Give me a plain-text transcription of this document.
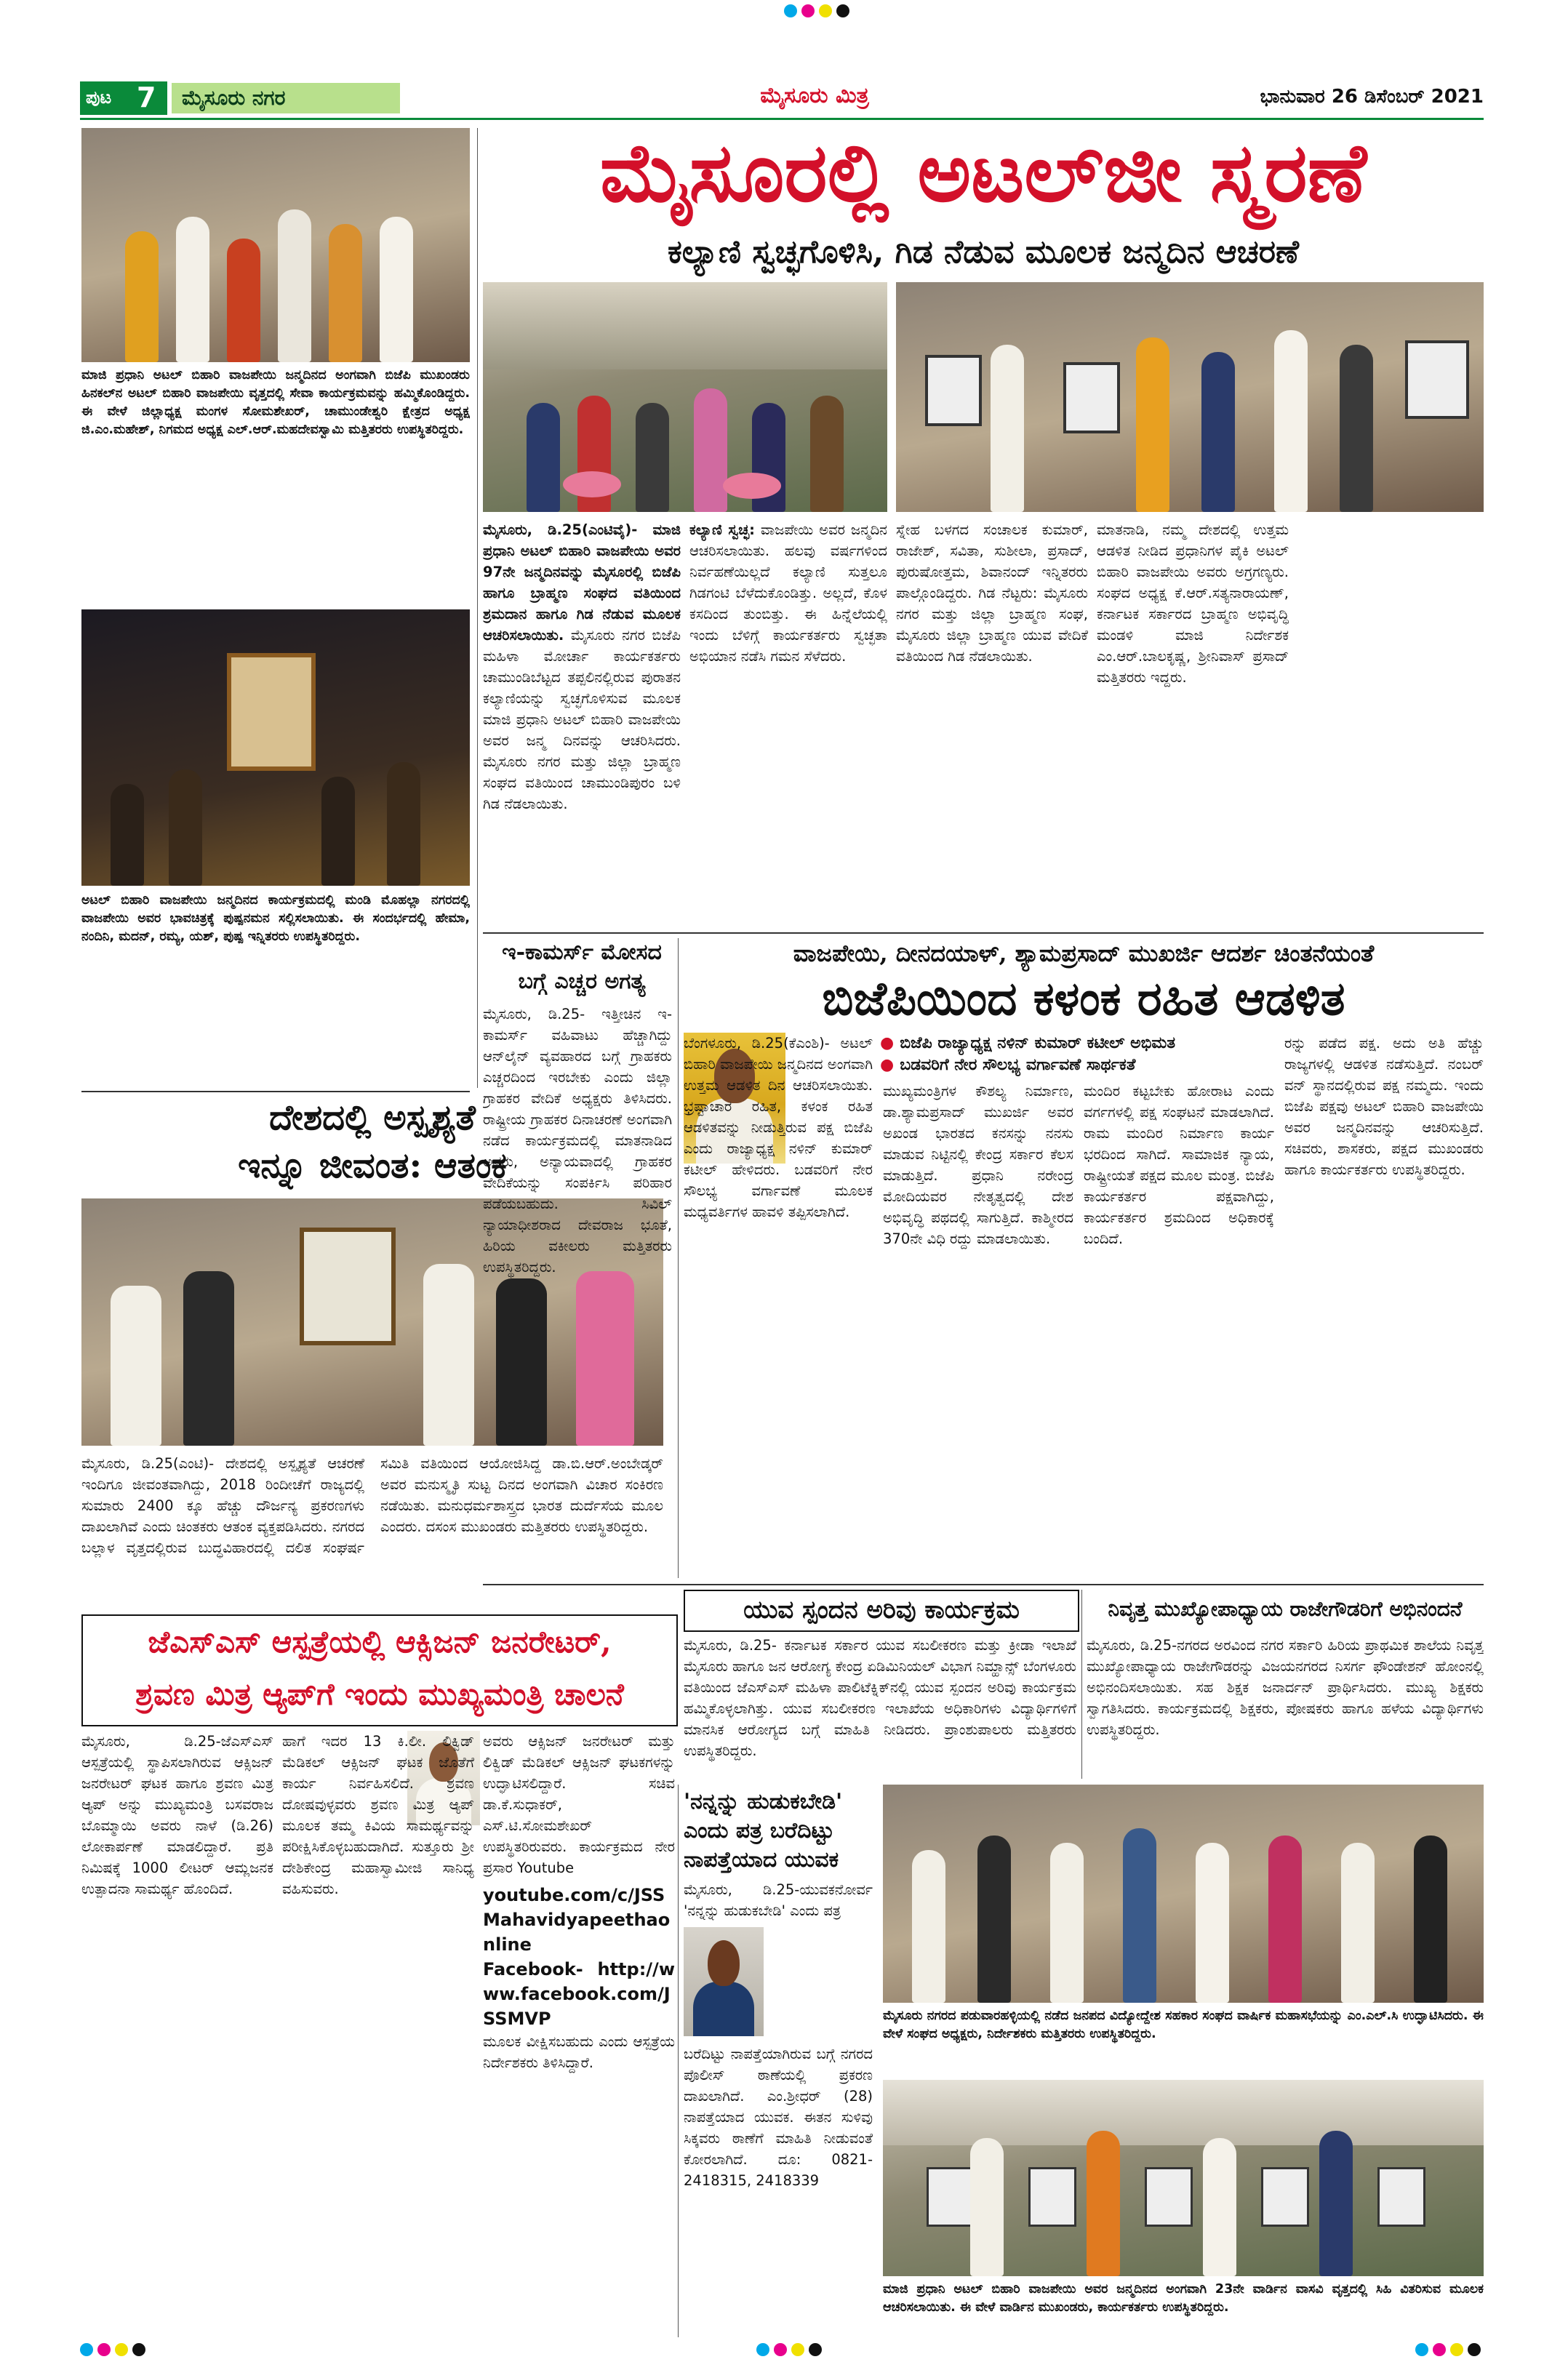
ಪುಟ 7	ಮೈಸೂರು ನಗರ	ಮೈಸೂರು ಮಿತ್ರ	ಭಾನುವಾರ 26 ಡಿಸೆಂಬರ್ 2021
ಮಾಜಿ ಪ್ರಧಾನಿ ಅಟಲ್ ಬಿಹಾರಿ ವಾಜಪೇಯಿ ಜನ್ಮದಿನದ ಅಂಗವಾಗಿ ಬಿಜೆಪಿ ಮುಖಂಡರು ಹಿನಕಲ್‌ನ ಅಟಲ್ ಬಿಹಾರಿ ವಾಜಪೇಯಿ ವೃತ್ತದಲ್ಲಿ ಸೇವಾ ಕಾರ್ಯಕ್ರಮವನ್ನು ಹಮ್ಮಿಕೊಂಡಿದ್ದರು. ಈ ವೇಳೆ ಜಿಲ್ಲಾಧ್ಯಕ್ಷ ಮಂಗಳ ಸೋಮಶೇಖರ್, ಚಾಮುಂಡೇಶ್ವರಿ ಕ್ಷೇತ್ರದ ಅಧ್ಯಕ್ಷ ಜಿ.ಎಂ.ಮಹೇಶ್, ನಿಗಮದ ಅಧ್ಯಕ್ಷ ಎಲ್.ಆರ್.ಮಹದೇವಸ್ವಾಮಿ ಮತ್ತಿತರರು ಉಪಸ್ಥಿತರಿದ್ದರು.
ಅಟಲ್ ಬಿಹಾರಿ ವಾಜಪೇಯಿ ಜನ್ಮದಿನದ ಕಾರ್ಯಕ್ರಮದಲ್ಲಿ ಮಂಡಿ ಮೊಹಲ್ಲಾ ನಗರದಲ್ಲಿ ವಾಜಪೇಯಿ ಅವರ ಭಾವಚಿತ್ರಕ್ಕೆ ಪುಷ್ಪನಮನ ಸಲ್ಲಿಸಲಾಯಿತು. ಈ ಸಂದರ್ಭದಲ್ಲಿ ಹೇಮಾ, ನಂದಿನಿ, ಮದನ್, ರಮ್ಯ, ಯಶ್, ಪುಷ್ಪ ಇನ್ನಿತರರು ಉಪಸ್ಥಿತರಿದ್ದರು.
ದೇಶದಲ್ಲಿ ಅಸ್ಪೃಶ್ಯತೆ
ಇನ್ನೂ ಜೀವಂತ: ಆತಂಕ
ಮೈಸೂರು, ಡಿ.25(ಎಂಟಿ)- ದೇಶದಲ್ಲಿ ಅಸ್ಪೃಶ್ಯತೆ ಆಚರಣೆ ಇಂದಿಗೂ ಜೀವಂತವಾಗಿದ್ದು, 2018 ರಿಂದೀಚೆಗೆ ರಾಜ್ಯದಲ್ಲಿ ಸುಮಾರು 2400 ಕ್ಕೂ ಹೆಚ್ಚು ದೌರ್ಜನ್ಯ ಪ್ರಕರಣಗಳು ದಾಖಲಾಗಿವೆ ಎಂದು ಚಿಂತಕರು ಆತಂಕ ವ್ಯಕ್ತಪಡಿಸಿದರು. ನಗರದ ಬಲ್ಲಾಳ ವೃತ್ತದಲ್ಲಿರುವ ಬುದ್ಧವಿಹಾರದಲ್ಲಿ ದಲಿತ ಸಂಘರ್ಷ ಸಮಿತಿ ವತಿಯಿಂದ ಆಯೋಜಿಸಿದ್ದ ಡಾ.ಬಿ.ಆರ್.ಅಂಬೇಡ್ಕರ್ ಅವರ ಮನುಸ್ಮೃತಿ ಸುಟ್ಟ ದಿನದ ಅಂಗವಾಗಿ ವಿಚಾರ ಸಂಕಿರಣ ನಡೆಯಿತು. ಮನುಧರ್ಮಶಾಸ್ತ್ರದ ಭಾರತ ದುರ್ದೆಸೆಯ ಮೂಲ ಎಂದರು. ದಸಂಸ ಮುಖಂಡರು ಮತ್ತಿತರರು ಉಪಸ್ಥಿತರಿದ್ದರು.
ಮೈಸೂರಲ್ಲಿ ಅಟಲ್‌ಜೀ ಸ್ಮರಣೆ
ಕಲ್ಯಾಣಿ ಸ್ವಚ್ಛಗೊಳಿಸಿ, ಗಿಡ ನೆಡುವ ಮೂಲಕ ಜನ್ಮದಿನ ಆಚರಣೆ
ಮೈಸೂರು, ಡಿ.25(ಎಂಟಿವೈ)- ಮಾಜಿ ಪ್ರಧಾನಿ ಅಟಲ್ ಬಿಹಾರಿ ವಾಜಪೇಯಿ ಅವರ 97ನೇ ಜನ್ಮದಿನವನ್ನು ಮೈಸೂರಲ್ಲಿ ಬಿಜೆಪಿ ಹಾಗೂ ಬ್ರಾಹ್ಮಣ ಸಂಘದ ವತಿಯಿಂದ ಶ್ರಮದಾನ ಹಾಗೂ ಗಿಡ ನೆಡುವ ಮೂಲಕ ಆಚರಿಸಲಾಯಿತು. ಮೈಸೂರು ನಗರ ಬಿಜೆಪಿ ಮಹಿಳಾ ಮೋರ್ಚಾ ಕಾರ್ಯಕರ್ತರು ಚಾಮುಂಡಿಬೆಟ್ಟದ ತಪ್ಪಲಿನಲ್ಲಿರುವ ಪುರಾತನ ಕಲ್ಯಾಣಿಯನ್ನು ಸ್ವಚ್ಛಗೊಳಿಸುವ ಮೂಲಕ ಮಾಜಿ ಪ್ರಧಾನಿ ಅಟಲ್ ಬಿಹಾರಿ ವಾಜಪೇಯಿ ಅವರ ಜನ್ಮ ದಿನವನ್ನು ಆಚರಿಸಿದರು. ಮೈಸೂರು ನಗರ ಮತ್ತು ಜಿಲ್ಲಾ ಬ್ರಾಹ್ಮಣ ಸಂಘದ ವತಿಯಿಂದ ಚಾಮುಂಡಿಪುರಂ ಬಳಿ ಗಿಡ ನೆಡಲಾಯಿತು.
ಕಲ್ಯಾಣಿ ಸ್ವಚ್ಛ: ವಾಜಪೇಯಿ ಅವರ ಜನ್ಮದಿನ ಆಚರಿಸಲಾಯಿತು. ಹಲವು ವರ್ಷಗಳಿಂದ ನಿರ್ವಹಣೆಯಿಲ್ಲದೆ ಕಲ್ಯಾಣಿ ಸುತ್ತಲೂ ಗಿಡಗಂಟಿ ಬೆಳೆದುಕೊಂಡಿತ್ತು. ಅಲ್ಲದೆ, ಕೊಳ ಕಸದಿಂದ ತುಂಬಿತ್ತು. ಈ ಹಿನ್ನೆಲೆಯಲ್ಲಿ ಇಂದು ಬೆಳಿಗ್ಗೆ ಕಾರ್ಯಕರ್ತರು ಸ್ವಚ್ಛತಾ ಅಭಿಯಾನ ನಡೆಸಿ ಗಮನ ಸೆಳೆದರು.
ಸ್ನೇಹ ಬಳಗದ ಸಂಚಾಲಕ ಕುಮಾರ್, ರಾಜೇಶ್, ಸವಿತಾ, ಸುಶೀಲಾ, ಪ್ರಸಾದ್, ಪುರುಷೋತ್ತಮ, ಶಿವಾನಂದ್ ಇನ್ನಿತರರು ಪಾಲ್ಗೊಂಡಿದ್ದರು. ಗಿಡ ನೆಟ್ಟರು: ಮೈಸೂರು ನಗರ ಮತ್ತು ಜಿಲ್ಲಾ ಬ್ರಾಹ್ಮಣ ಸಂಘ, ಮೈಸೂರು ಜಿಲ್ಲಾ ಬ್ರಾಹ್ಮಣ ಯುವ ವೇದಿಕೆ ವತಿಯಿಂದ ಗಿಡ ನೆಡಲಾಯಿತು.
ಮಾತನಾಡಿ, ನಮ್ಮ ದೇಶದಲ್ಲಿ ಉತ್ತಮ ಆಡಳಿತ ನೀಡಿದ ಪ್ರಧಾನಿಗಳ ಪೈಕಿ ಅಟಲ್ ಬಿಹಾರಿ ವಾಜಪೇಯಿ ಅವರು ಅಗ್ರಗಣ್ಯರು. ಸಂಘದ ಅಧ್ಯಕ್ಷ ಕೆ.ಆರ್.ಸತ್ಯನಾರಾಯಣ್, ಕರ್ನಾಟಕ ಸರ್ಕಾರದ ಬ್ರಾಹ್ಮಣ ಅಭಿವೃದ್ಧಿ ಮಂಡಳಿ ಮಾಜಿ ನಿರ್ದೇಶಕ ಎಂ.ಆರ್.ಬಾಲಕೃಷ್ಣ, ಶ್ರೀನಿವಾಸ್ ಪ್ರಸಾದ್ ಮತ್ತಿತರರು ಇದ್ದರು.
ಇ-ಕಾಮರ್ಸ್ ಮೋಸದ
ಬಗ್ಗೆ ಎಚ್ಚರ ಅಗತ್ಯ
ವಾಜಪೇಯಿ, ದೀನದಯಾಳ್, ಶ್ಯಾಮಪ್ರಸಾದ್ ಮುಖರ್ಜಿ ಆದರ್ಶ ಚಿಂತನೆಯಂತೆ
ಬಿಜೆಪಿಯಿಂದ ಕಳಂಕ ರಹಿತ ಆಡಳಿತ
● ಬಿಜೆಪಿ ರಾಜ್ಯಾಧ್ಯಕ್ಷ ನಳಿನ್ ಕುಮಾರ್ ಕಟೀಲ್ ಅಭಿಮತ
● ಬಡವರಿಗೆ ನೇರ ಸೌಲಭ್ಯ ವರ್ಗಾವಣೆ ಸಾರ್ಥಕತೆ
ಮೈಸೂರು, ಡಿ.25- ಇತ್ತೀಚಿನ ಇ-ಕಾಮರ್ಸ್ ವಹಿವಾಟು ಹೆಚ್ಚಾಗಿದ್ದು ಆನ್‌ಲೈನ್ ವ್ಯವಹಾರದ ಬಗ್ಗೆ ಗ್ರಾಹಕರು ಎಚ್ಚರದಿಂದ ಇರಬೇಕು ಎಂದು ಜಿಲ್ಲಾ ಗ್ರಾಹಕರ ವೇದಿಕೆ ಅಧ್ಯಕ್ಷರು ತಿಳಿಸಿದರು. ರಾಷ್ಟ್ರೀಯ ಗ್ರಾಹಕರ ದಿನಾಚರಣೆ ಅಂಗವಾಗಿ ನಡೆದ ಕಾರ್ಯಕ್ರಮದಲ್ಲಿ ಮಾತನಾಡಿದ ಅವರು, ಅನ್ಯಾಯವಾದಲ್ಲಿ ಗ್ರಾಹಕರ ವೇದಿಕೆಯನ್ನು ಸಂಪರ್ಕಿಸಿ ಪರಿಹಾರ ಪಡೆಯಬಹುದು. ಸಿವಿಲ್ ನ್ಯಾಯಾಧೀಶರಾದ ದೇವರಾಜ ಭೂತೆ, ಹಿರಿಯ ವಕೀಲರು ಮತ್ತಿತರರು ಉಪಸ್ಥಿತರಿದ್ದರು.
ಬೆಂಗಳೂರು, ಡಿ.25(ಕೆಎಂಶಿ)- ಅಟಲ್ ಬಿಹಾರಿ ವಾಜಪೇಯಿ ಜನ್ಮದಿನದ ಅಂಗವಾಗಿ ಉತ್ತಮ ಆಡಳಿತ ದಿನ ಆಚರಿಸಲಾಯಿತು. ಭ್ರಷ್ಟಾಚಾರ ರಹಿತ, ಕಳಂಕ ರಹಿತ ಆಡಳಿತವನ್ನು ನೀಡುತ್ತಿರುವ ಪಕ್ಷ ಬಿಜೆಪಿ ಎಂದು ರಾಜ್ಯಾಧ್ಯಕ್ಷ ನಳಿನ್ ಕುಮಾರ್ ಕಟೀಲ್ ಹೇಳಿದರು. ಬಡವರಿಗೆ ನೇರ ಸೌಲಭ್ಯ ವರ್ಗಾವಣೆ ಮೂಲಕ ಮಧ್ಯವರ್ತಿಗಳ ಹಾವಳಿ ತಪ್ಪಿಸಲಾಗಿದೆ.
ಮುಖ್ಯಮಂತ್ರಿಗಳ ಕೌಶಲ್ಯ ನಿರ್ಮಾಣ, ಡಾ.ಶ್ಯಾಮಪ್ರಸಾದ್ ಮುಖರ್ಜಿ ಅವರ ಅಖಂಡ ಭಾರತದ ಕನಸನ್ನು ನನಸು ಮಾಡುವ ನಿಟ್ಟಿನಲ್ಲಿ ಕೇಂದ್ರ ಸರ್ಕಾರ ಕೆಲಸ ಮಾಡುತ್ತಿದೆ. ಪ್ರಧಾನಿ ನರೇಂದ್ರ ಮೋದಿಯವರ ನೇತೃತ್ವದಲ್ಲಿ ದೇಶ ಅಭಿವೃದ್ಧಿ ಪಥದಲ್ಲಿ ಸಾಗುತ್ತಿದೆ. ಕಾಶ್ಮೀರದ 370ನೇ ವಿಧಿ ರದ್ದು ಮಾಡಲಾಯಿತು.
ಮಂದಿರ ಕಟ್ಟಬೇಕು ಹೋರಾಟ ಎಂದು ವರ್ಗಗಳಲ್ಲಿ ಪಕ್ಷ ಸಂಘಟನೆ ಮಾಡಲಾಗಿದೆ. ರಾಮ ಮಂದಿರ ನಿರ್ಮಾಣ ಕಾರ್ಯ ಭರದಿಂದ ಸಾಗಿದೆ. ಸಾಮಾಜಿಕ ನ್ಯಾಯ, ರಾಷ್ಟ್ರೀಯತೆ ಪಕ್ಷದ ಮೂಲ ಮಂತ್ರ. ಬಿಜೆಪಿ ಕಾರ್ಯಕರ್ತರ ಪಕ್ಷವಾಗಿದ್ದು, ಕಾರ್ಯಕರ್ತರ ಶ್ರಮದಿಂದ ಅಧಿಕಾರಕ್ಕೆ ಬಂದಿದೆ.
ರನ್ನು ಪಡೆದ ಪಕ್ಷ. ಅದು ಅತಿ ಹೆಚ್ಚು ರಾಜ್ಯಗಳಲ್ಲಿ ಆಡಳಿತ ನಡೆಸುತ್ತಿದೆ. ನಂಬರ್ ವನ್ ಸ್ಥಾನದಲ್ಲಿರುವ ಪಕ್ಷ ನಮ್ಮದು. ಇಂದು ಬಿಜೆಪಿ ಪಕ್ಷವು ಅಟಲ್ ಬಿಹಾರಿ ವಾಜಪೇಯಿ ಅವರ ಜನ್ಮದಿನವನ್ನು ಆಚರಿಸುತ್ತಿದೆ. ಸಚಿವರು, ಶಾಸಕರು, ಪಕ್ಷದ ಮುಖಂಡರು ಹಾಗೂ ಕಾರ್ಯಕರ್ತರು ಉಪಸ್ಥಿತರಿದ್ದರು.
ಯುವ ಸ್ಪಂದನ ಅರಿವು ಕಾರ್ಯಕ್ರಮ
ಮೈಸೂರು, ಡಿ.25- ಕರ್ನಾಟಕ ಸರ್ಕಾರ ಯುವ ಸಬಲೀಕರಣ ಮತ್ತು ಕ್ರೀಡಾ ಇಲಾಖೆ ಮೈಸೂರು ಹಾಗೂ ಜನ ಆರೋಗ್ಯ ಕೇಂದ್ರ ಏಡಿಮಿನಿಯಲ್ ವಿಭಾಗ ನಿಮ್ಹಾನ್ಸ್ ಬೆಂಗಳೂರು ವತಿಯಿಂದ ಜೆಎಸ್‌ಎಸ್ ಮಹಿಳಾ ಪಾಲಿಟೆಕ್ನಿಕ್‌ನಲ್ಲಿ ಯುವ ಸ್ಪಂದನ ಅರಿವು ಕಾರ್ಯಕ್ರಮ ಹಮ್ಮಿಕೊಳ್ಳಲಾಗಿತ್ತು. ಯುವ ಸಬಲೀಕರಣ ಇಲಾಖೆಯ ಅಧಿಕಾರಿಗಳು ವಿದ್ಯಾರ್ಥಿಗಳಿಗೆ ಮಾನಸಿಕ ಆರೋಗ್ಯದ ಬಗ್ಗೆ ಮಾಹಿತಿ ನೀಡಿದರು. ಪ್ರಾಂಶುಪಾಲರು ಮತ್ತಿತರರು ಉಪಸ್ಥಿತರಿದ್ದರು.
ನಿವೃತ್ತ ಮುಖ್ಯೋಪಾಧ್ಯಾಯ ರಾಜೇಗೌಡರಿಗೆ ಅಭಿನಂದನೆ
ಮೈಸೂರು, ಡಿ.25-ನಗರದ ಅರವಿಂದ ನಗರ ಸರ್ಕಾರಿ ಹಿರಿಯ ಪ್ರಾಥಮಿಕ ಶಾಲೆಯ ನಿವೃತ್ತ ಮುಖ್ಯೋಪಾಧ್ಯಾಯ ರಾಜೇಗೌಡರನ್ನು ವಿಜಯನಗರದ ನಿಸರ್ಗ ಫೌಂಡೇಶನ್ ಹೋಂನಲ್ಲಿ ಅಭಿನಂದಿಸಲಾಯಿತು. ಸಹ ಶಿಕ್ಷಕ ಜನಾರ್ದನ್ ಪ್ರಾರ್ಥಿಸಿದರು. ಮುಖ್ಯ ಶಿಕ್ಷಕರು ಸ್ವಾಗತಿಸಿದರು. ಕಾರ್ಯಕ್ರಮದಲ್ಲಿ ಶಿಕ್ಷಕರು, ಪೋಷಕರು ಹಾಗೂ ಹಳೆಯ ವಿದ್ಯಾರ್ಥಿಗಳು ಉಪಸ್ಥಿತರಿದ್ದರು.
ಜೆಎಸ್‌ಎಸ್ ಆಸ್ಪತ್ರೆಯಲ್ಲಿ ಆಕ್ಸಿಜನ್ ಜನರೇಟರ್,
ಶ್ರವಣ ಮಿತ್ರ ಆ್ಯಪ್‌ಗೆ ಇಂದು ಮುಖ್ಯಮಂತ್ರಿ ಚಾಲನೆ
ಮೈಸೂರು, ಡಿ.25-ಜೆಎಸ್‌ಎಸ್ ಆಸ್ಪತ್ರೆಯಲ್ಲಿ ಸ್ಥಾಪಿಸಲಾಗಿರುವ ಆಕ್ಸಿಜನ್ ಜನರೇಟರ್ ಘಟಕ ಹಾಗೂ ಶ್ರವಣ ಮಿತ್ರ ಆ್ಯಪ್ ಅನ್ನು ಮುಖ್ಯಮಂತ್ರಿ ಬಸವರಾಜ ಬೊಮ್ಮಾಯಿ ಅವರು ನಾಳೆ (ಡಿ.26) ಲೋಕಾರ್ಪಣೆ ಮಾಡಲಿದ್ದಾರೆ. ಪ್ರತಿ ನಿಮಿಷಕ್ಕೆ 1000 ಲೀಟರ್ ಆಮ್ಲಜನಕ ಉತ್ಪಾದನಾ ಸಾಮರ್ಥ್ಯ ಹೊಂದಿದೆ.
ಹಾಗೆ ಇದರ 13 ಕಿ.ಲೀ. ಲಿಕ್ವಿಡ್ ಮೆಡಿಕಲ್ ಆಕ್ಸಿಜನ್ ಘಟಕ ಜೊತೆಗೆ ಕಾರ್ಯ ನಿರ್ವಹಿಸಲಿದೆ. ಶ್ರವಣ ದೋಷವುಳ್ಳವರು ಶ್ರವಣ ಮಿತ್ರ ಆ್ಯಪ್ ಮೂಲಕ ತಮ್ಮ ಕಿವಿಯ ಸಾಮರ್ಥ್ಯವನ್ನು ಪರೀಕ್ಷಿಸಿಕೊಳ್ಳಬಹುದಾಗಿದೆ. ಸುತ್ತೂರು ಶ್ರೀ ದೇಶಿಕೇಂದ್ರ ಮಹಾಸ್ವಾಮೀಜಿ ಸಾನಿಧ್ಯ ವಹಿಸುವರು.
ಅವರು ಆಕ್ಸಿಜನ್ ಜನರೇಟರ್ ಮತ್ತು ಲಿಕ್ವಿಡ್ ಮೆಡಿಕಲ್ ಆಕ್ಸಿಜನ್ ಘಟಕಗಳನ್ನು ಉದ್ಘಾಟಿಸಲಿದ್ದಾರೆ. ಸಚಿವ ಡಾ.ಕೆ.ಸುಧಾಕರ್, ಎಸ್.ಟಿ.ಸೋಮಶೇಖರ್ ಉಪಸ್ಥಿತರಿರುವರು. ಕಾರ್ಯಕ್ರಮದ ನೇರ ಪ್ರಸಾರ Youtube
youtube.com/c/JSSMahavidyapeethaonline
Facebook- http://www.facebook.com/JSSMVP
ಮೂಲಕ ವೀಕ್ಷಿಸಬಹುದು ಎಂದು ಆಸ್ಪತ್ರೆಯ ನಿರ್ದೇಶಕರು ತಿಳಿಸಿದ್ದಾರೆ.
'ನನ್ನನ್ನು ಹುಡುಕಬೇಡಿ'
ಎಂದು ಪತ್ರ ಬರೆದಿಟ್ಟು
ನಾಪತ್ತೆಯಾದ ಯುವಕ
ಮೈಸೂರು, ಡಿ.25-ಯುವಕನೋರ್ವ 'ನನ್ನನ್ನು ಹುಡುಕಬೇಡಿ' ಎಂದು ಪತ್ರ
ಬರೆದಿಟ್ಟು ನಾಪತ್ತೆಯಾಗಿರುವ ಬಗ್ಗೆ ನಗರದ ಪೊಲೀಸ್ ಠಾಣೆಯಲ್ಲಿ ಪ್ರಕರಣ ದಾಖಲಾಗಿದೆ. ಎಂ.ಶ್ರೀಧರ್ (28) ನಾಪತ್ತೆಯಾದ ಯುವಕ. ಈತನ ಸುಳಿವು ಸಿಕ್ಕವರು ಠಾಣೆಗೆ ಮಾಹಿತಿ ನೀಡುವಂತೆ ಕೋರಲಾಗಿದೆ. ದೂ: 0821-2418315, 2418339
ಮೈಸೂರು ನಗರದ ಪಡುವಾರಹಳ್ಳಿಯಲ್ಲಿ ನಡೆದ ಜನಪದ ವಿದ್ಯೋದ್ದೇಶ ಸಹಕಾರ ಸಂಘದ ವಾರ್ಷಿಕ ಮಹಾಸಭೆಯನ್ನು ಎಂ.ಎಲ್.ಸಿ ಉದ್ಘಾಟಿಸಿದರು. ಈ ವೇಳೆ ಸಂಘದ ಅಧ್ಯಕ್ಷರು, ನಿರ್ದೇಶಕರು ಮತ್ತಿತರರು ಉಪಸ್ಥಿತರಿದ್ದರು.
ಮಾಜಿ ಪ್ರಧಾನಿ ಅಟಲ್ ಬಿಹಾರಿ ವಾಜಪೇಯಿ ಅವರ ಜನ್ಮದಿನದ ಅಂಗವಾಗಿ 23ನೇ ವಾರ್ಡಿನ ವಾಸವಿ ವೃತ್ತದಲ್ಲಿ ಸಿಹಿ ವಿತರಿಸುವ ಮೂಲಕ ಆಚರಿಸಲಾಯಿತು. ಈ ವೇಳೆ ವಾರ್ಡಿನ ಮುಖಂಡರು, ಕಾರ್ಯಕರ್ತರು ಉಪಸ್ಥಿತರಿದ್ದರು.
